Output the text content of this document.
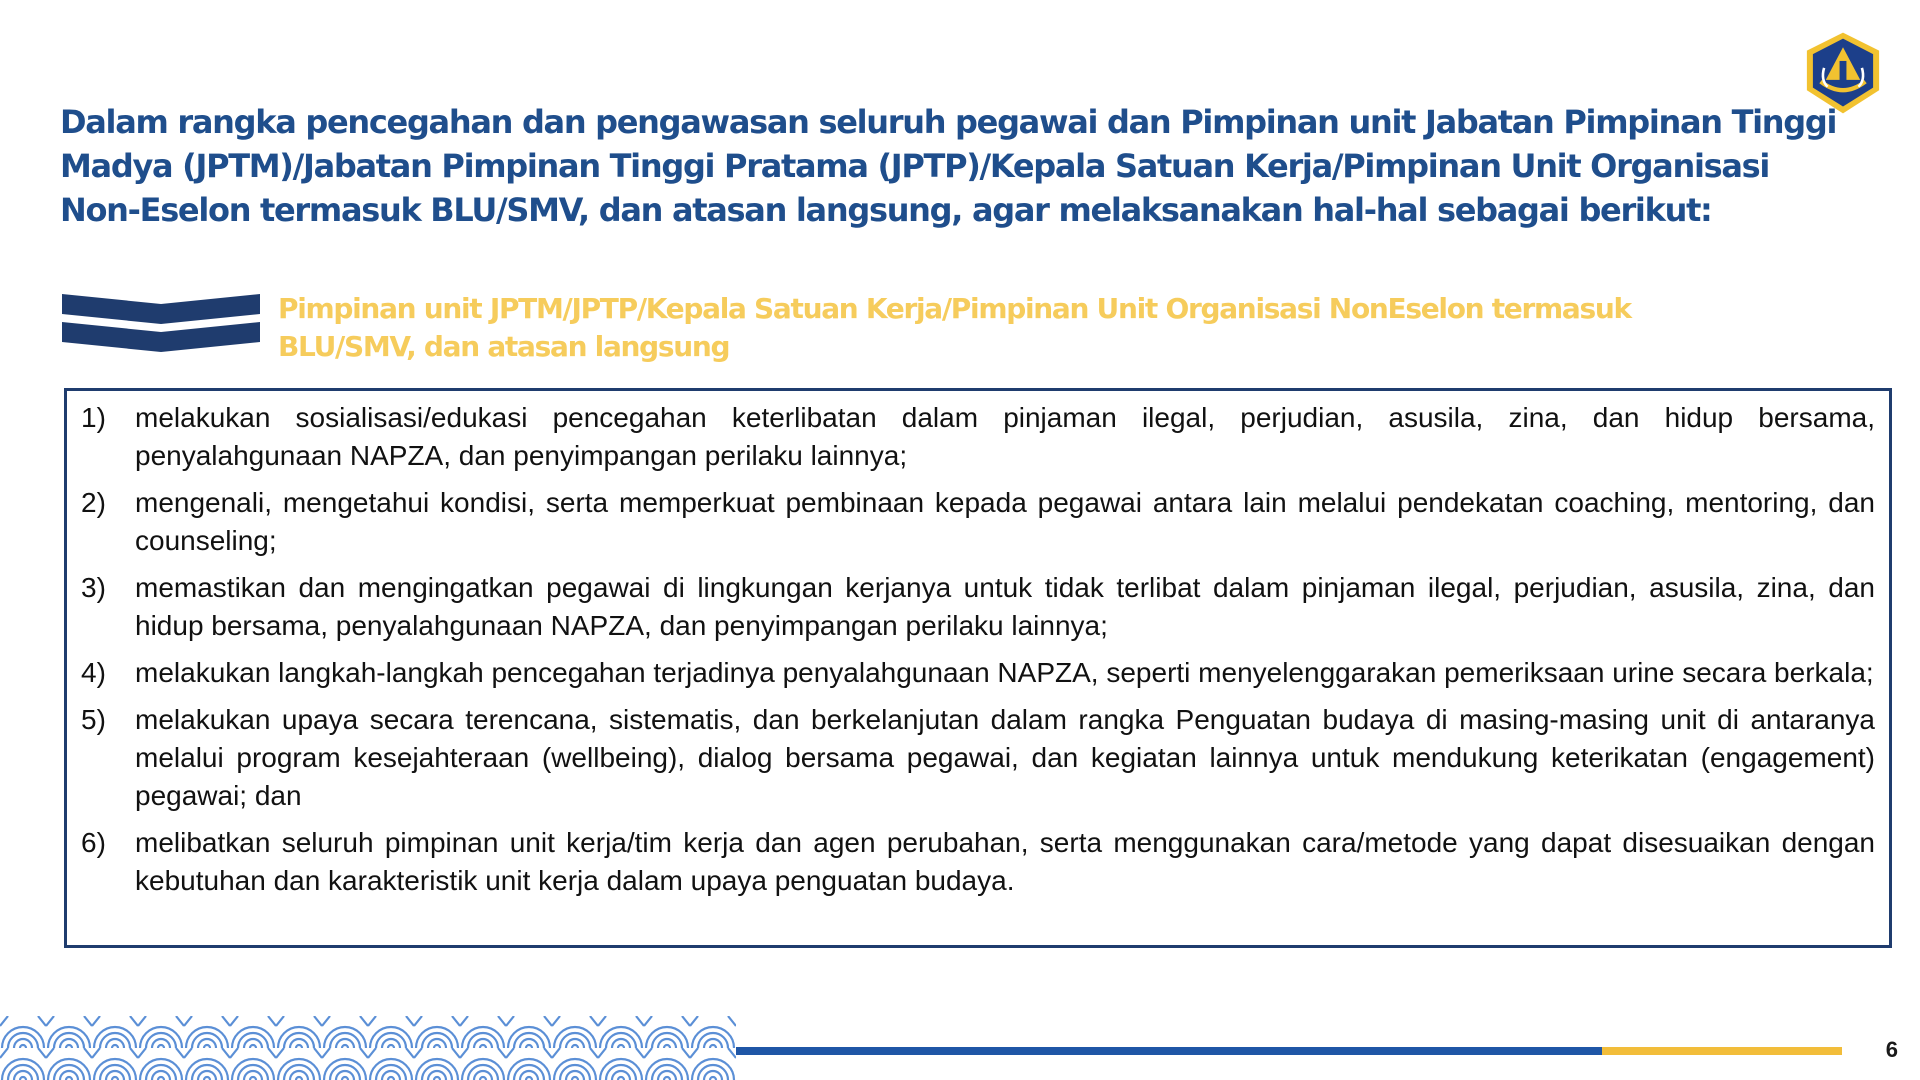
Dalam rangka pencegahan dan pengawasan seluruh pegawai dan Pimpinan unit Jabatan Pimpinan Tinggi Madya (JPTM)/Jabatan Pimpinan Tinggi Pratama (JPTP)/Kepala Satuan Kerja/Pimpinan Unit Organisasi Non-Eselon termasuk BLU/SMV, dan atasan langsung, agar melaksanakan hal-hal sebagai berikut:

Pimpinan unit JPTM/JPTP/Kepala Satuan Kerja/Pimpinan Unit Organisasi NonEselon termasuk BLU/SMV, dan atasan langsung

1)	melakukan sosialisasi/edukasi pencegahan keterlibatan dalam pinjaman ilegal, perjudian, asusila, zina, dan hidup bersama, penyalahgunaan NAPZA, dan penyimpangan perilaku lainnya;
2)	mengenali, mengetahui kondisi, serta memperkuat pembinaan kepada pegawai antara lain melalui pendekatan coaching, mentoring, dan counseling;
3)	memastikan dan mengingatkan pegawai di lingkungan kerjanya untuk tidak terlibat dalam pinjaman ilegal, perjudian, asusila, zina, dan hidup bersama, penyalahgunaan NAPZA, dan penyimpangan perilaku lainnya;
4)	melakukan langkah-langkah pencegahan terjadinya penyalahgunaan NAPZA, seperti menyelenggarakan pemeriksaan urine secara berkala;
5)	melakukan upaya secara terencana, sistematis, dan berkelanjutan dalam rangka Penguatan budaya di masing-masing unit di antaranya melalui program kesejahteraan (wellbeing), dialog bersama pegawai, dan kegiatan lainnya untuk mendukung keterikatan (engagement) pegawai; dan
6)	melibatkan seluruh pimpinan unit kerja/tim kerja dan agen perubahan, serta menggunakan cara/metode yang dapat disesuaikan dengan kebutuhan dan karakteristik unit kerja dalam upaya penguatan budaya.
6
